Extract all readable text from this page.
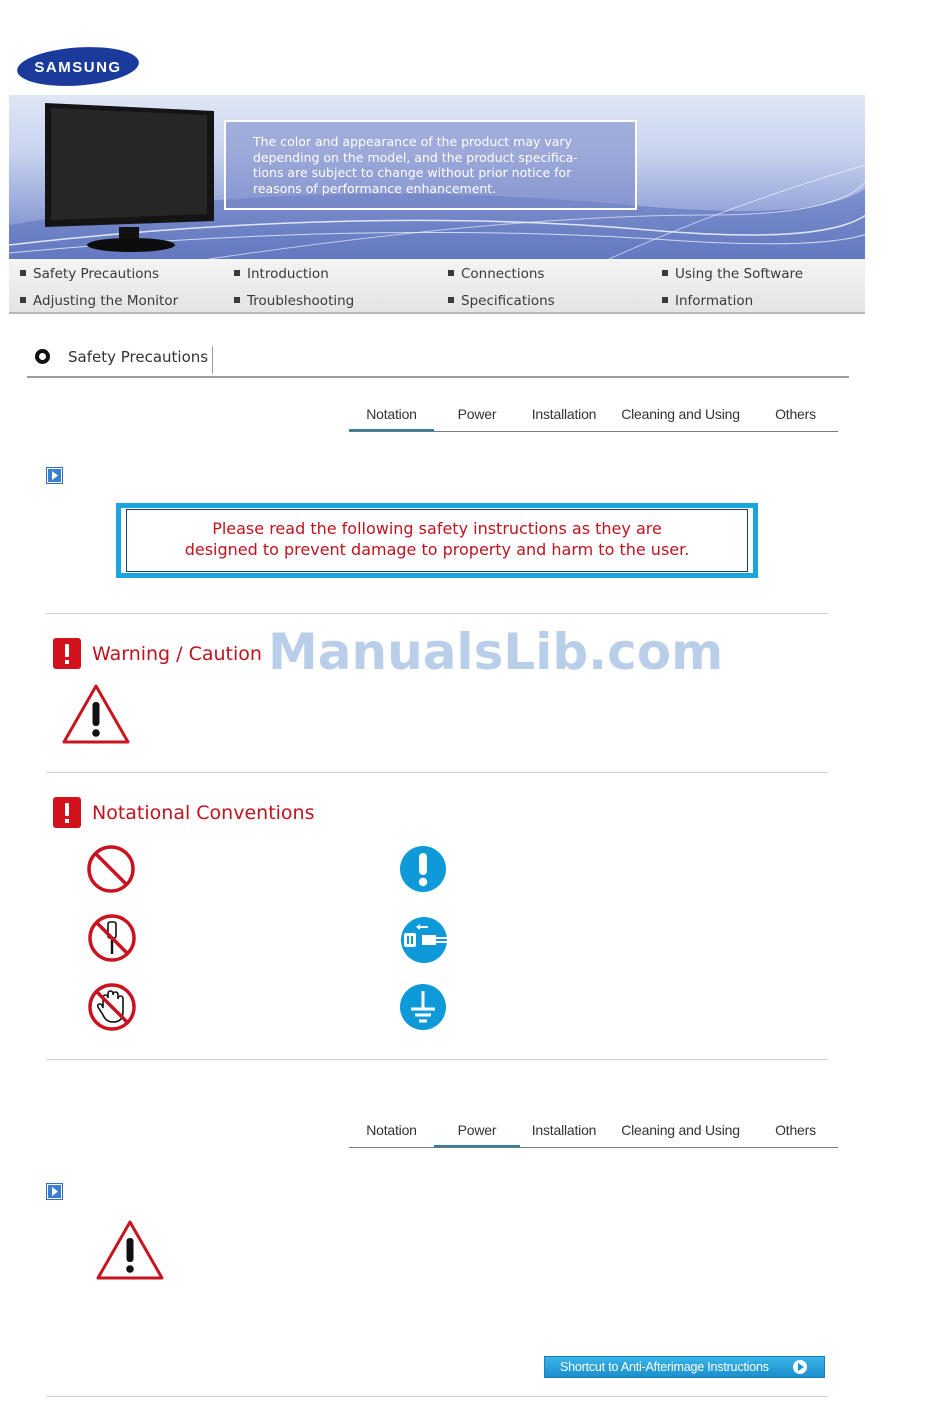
SAMSUNG
The color and appearance of the product may vary
depending on the model, and the product specifica-
tions are subject to change without prior notice for
reasons of performance enhancement.
Safety Precautions	Introduction	Connections	Using the Software
Adjusting the Monitor	Troubleshooting	Specifications	Information
Safety Precautions
Notation	Power	Installation	Cleaning and Using	Others
Please read the following safety instructions as they are
designed to prevent damage to property and harm to the user.
Warning / Caution ManualsLib.com
Notational Conventions
Notation	Power	Installation	Cleaning and Using	Others
Shortcut to Anti-Afterimage Instructions
